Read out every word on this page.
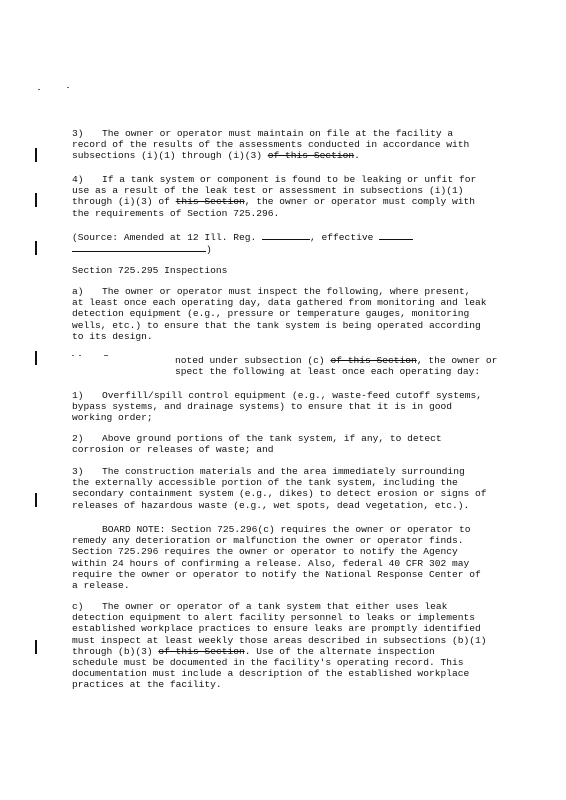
3) The owner or operator must maintain on file at the facility a
record of the results of the assessments conducted in accordance with
subsections (i)(1) through (i)(3) of this Section.
4) If a tank system or component is found to be leaking or unfit for
use as a result of the leak test or assessment in subsections (i)(1)
through (i)(3) of this Section, the owner or operator must comply with
the requirements of Section 725.296.
(Source: Amended at 12 Ill. Reg.	, effective
)
Section 725.295 Inspections
a) The owner or operator must inspect the following, where present,
at least once each operating day, data gathered from monitoring and leak
detection equipment (e.g., pressure or temperature gauges, monitoring
wells, etc.) to ensure that the tank system is being operated according
to its design.
noted under subsection (c) of this Section, the owner or
spect the following at least once each operating day:
1) Overfill/spill control equipment (e.g., waste-feed cutoff systems,
bypass systems, and drainage systems) to ensure that it is in good
working order;
2) Above ground portions of the tank system, if any, to detect
corrosion or releases of waste; and
3) The construction materials and the area immediately surrounding
the externally accessible portion of the tank system, including the
secondary containment system (e.g., dikes) to detect erosion or signs of
releases of hazardous waste (e.g., wet spots, dead vegetation, etc.).
BOARD NOTE: Section 725.296(c) requires the owner or operator to
remedy any deterioration or malfunction the owner or operator finds.
Section 725.296 requires the owner or operator to notify the Agency
within 24 hours of confirming a release. Also, federal 40 CFR 302 may
require the owner or operator to notify the National Response Center of
a release.
c) The owner or operator of a tank system that either uses leak
detection equipment to alert facility personnel to leaks or implements
established workplace practices to ensure leaks are promptly identified
must inspect at least weekly those areas described in subsections (b)(1)
through (b)(3) of this Section. Use of the alternate inspection
schedule must be documented in the facility's operating record. This
documentation must include a description of the established workplace
practices at the facility.
